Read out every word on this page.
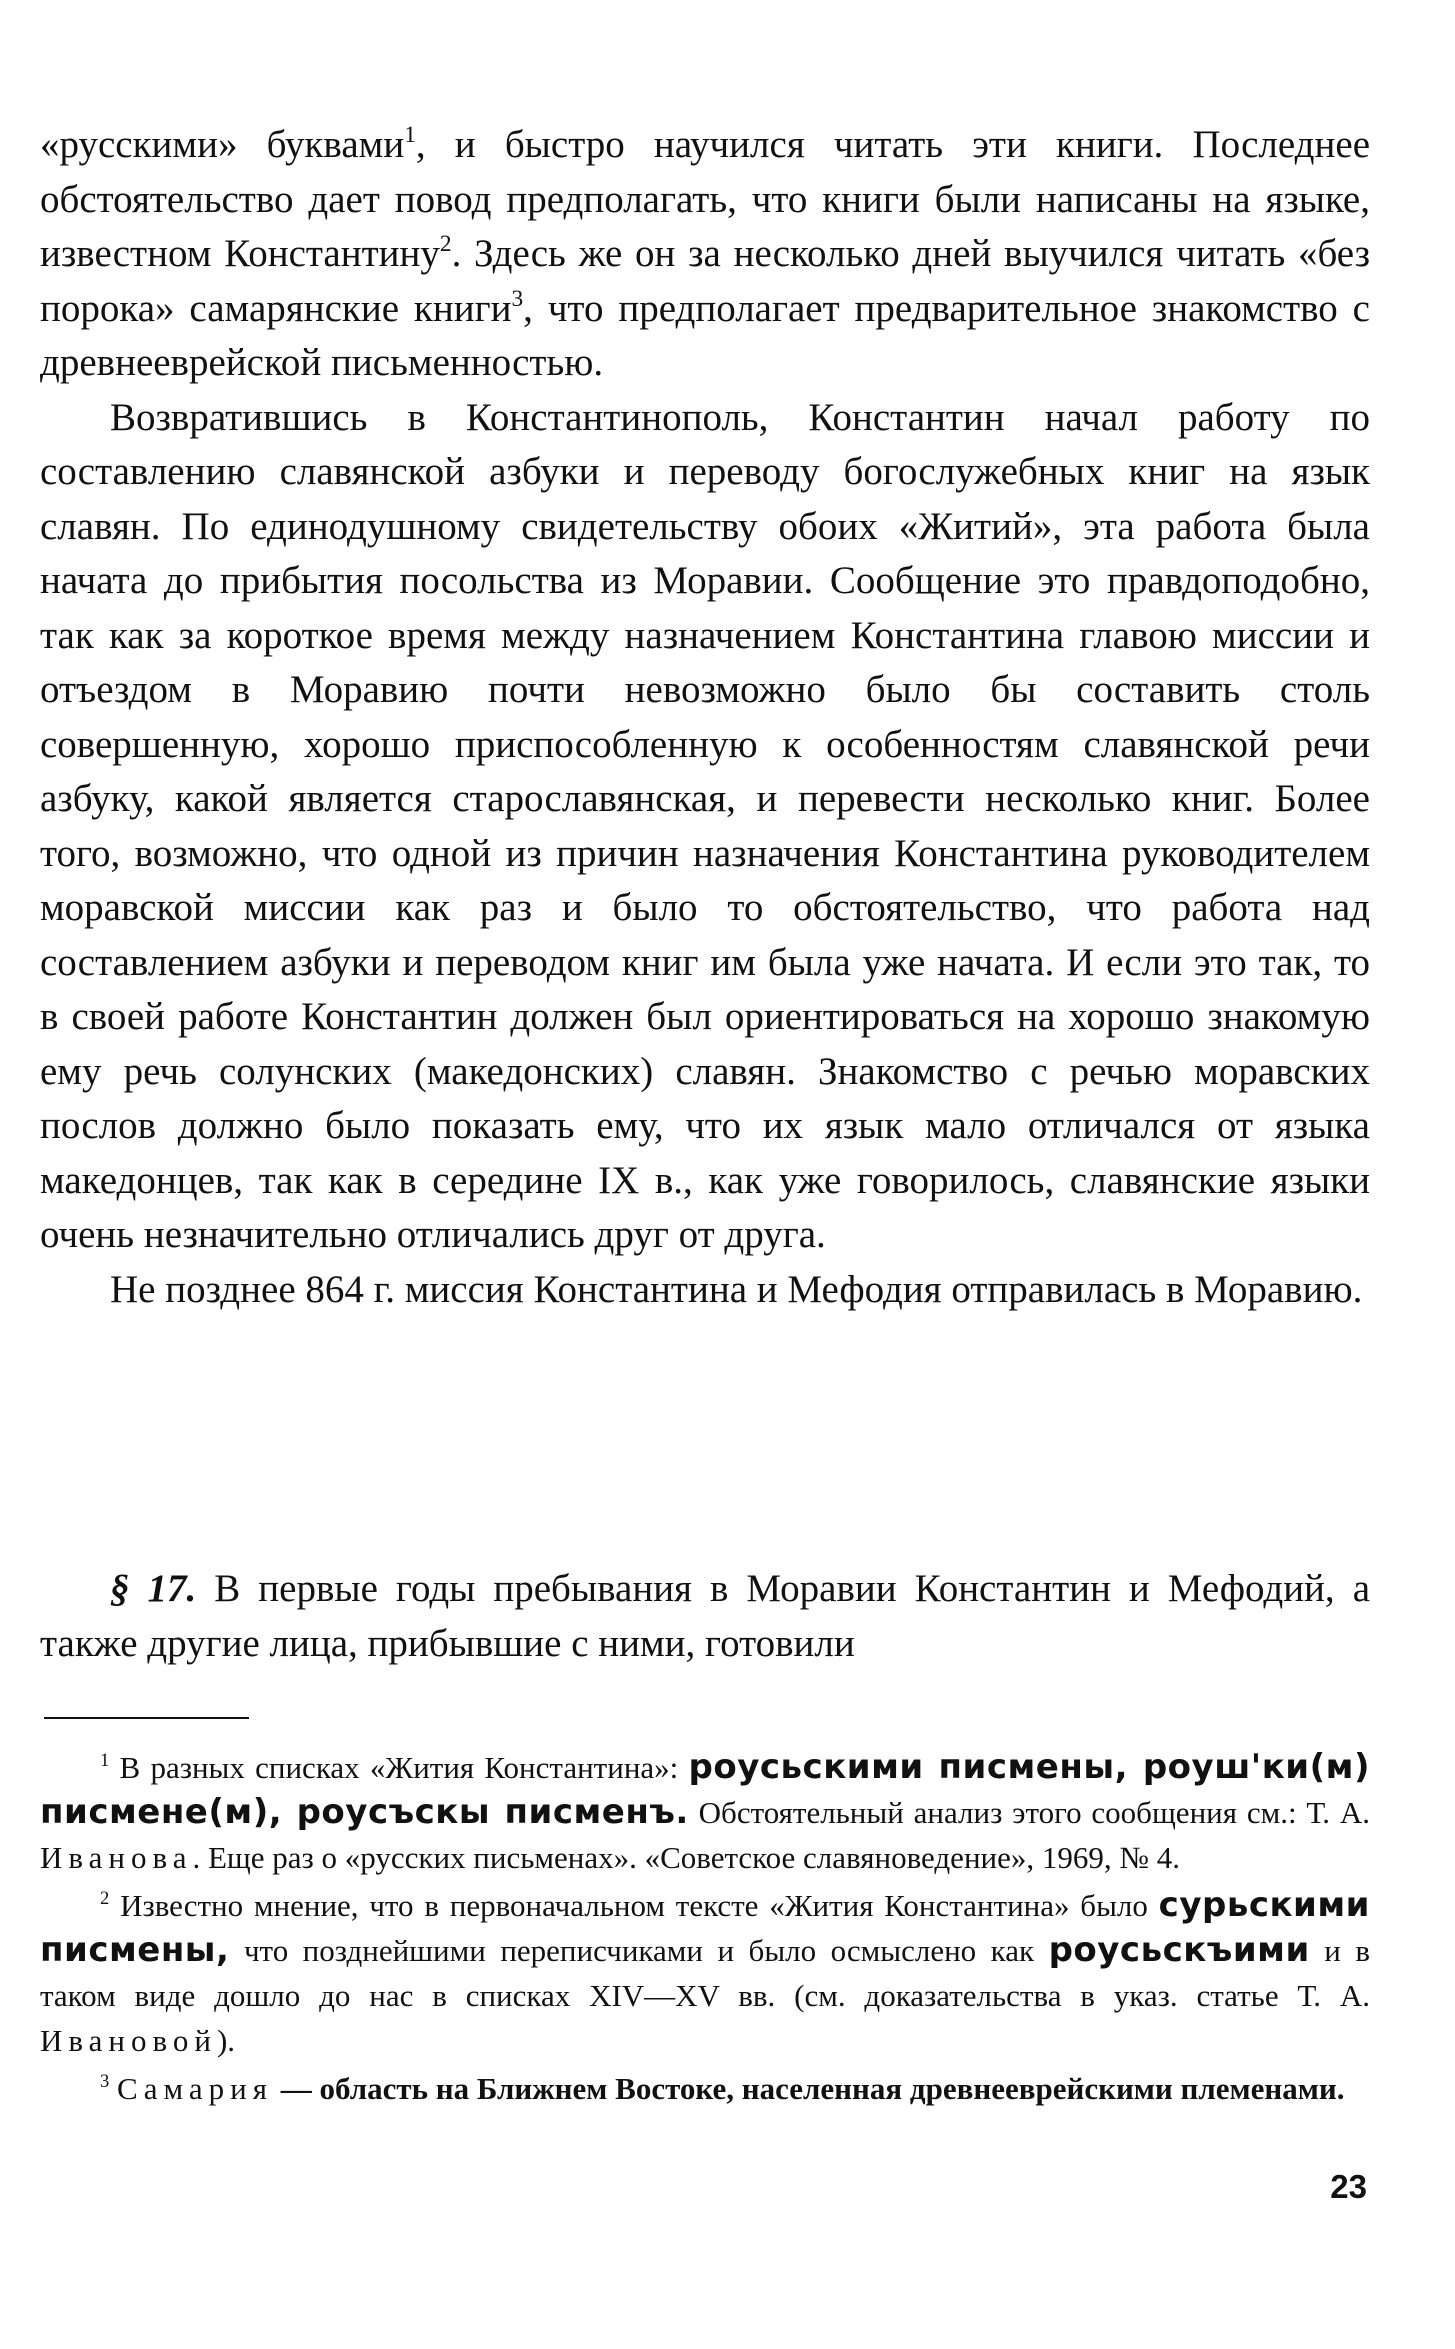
«русскими» буквами$^1$, и быстро научился читать эти книги. Последнее обстоятельство дает повод предполагать, что книги были написаны на языке, известном Константину$^2$. Здесь же он за несколько дней выучился читать «без порока» самарянские книги$^3$, что предполагает предварительное знакомство с древнееврейской письменностью.

Возвратившись в Константинополь, Константин начал работу по составлению славянской азбуки и переводу богослужебных книг на язык славян. По единодушному свидетельству обоих «Житий», эта работа была начата до прибытия посольства из Моравии. Сообщение это правдоподобно, так как за короткое время между назначением Константина главою миссии и отъездом в Моравию почти невозможно было бы составить столь совершенную, хорошо приспособленную к особенностям славянской речи азбуку, какой является старославянская, и перевести несколько книг. Более того, возможно, что одной из причин назначения Константина руководителем моравской миссии как раз и было то обстоятельство, что работа над составлением азбуки и переводом книг им была уже начата. И если это так, то в своей работе Константин должен был ориентироваться на хорошо знакомую ему речь солунских (македонских) славян. Знакомство с речью моравских послов должно было показать ему, что их язык мало отличался от языка македонцев, так как в середине IX в., как уже говорилось, славянские языки очень незначительно отличались друг от друга.

Не позднее 864 г. миссия Константина и Мефодия отправилась в Моравию.

§ 17. В первые годы пребывания в Моравии Константин и Мефодий, а также другие лица, прибывшие с ними, готовили

$^1$ В разных списках «Жития Константина»: роусьскими писмены, роуш'ки(м) писмене(м), роусъскы писменъ. Обстоятельный анализ этого сообщения см.: Т. А. Иванова. Еще раз о «русских письменах». «Советское славяноведение», 1969, № 4.

$^2$ Известно мнение, что в первоначальном тексте «Жития Константина» было сурьскими писмены, что позднейшими переписчиками и было осмыслено как роусьскъими и в таком виде дошло до нас в списках XIV—XV вв. (см. доказательства в указ. статье Т. А. Ивановой).

$^3$ Самария — область на Ближнем Востоке, населенная древнееврейскими племенами.

23
